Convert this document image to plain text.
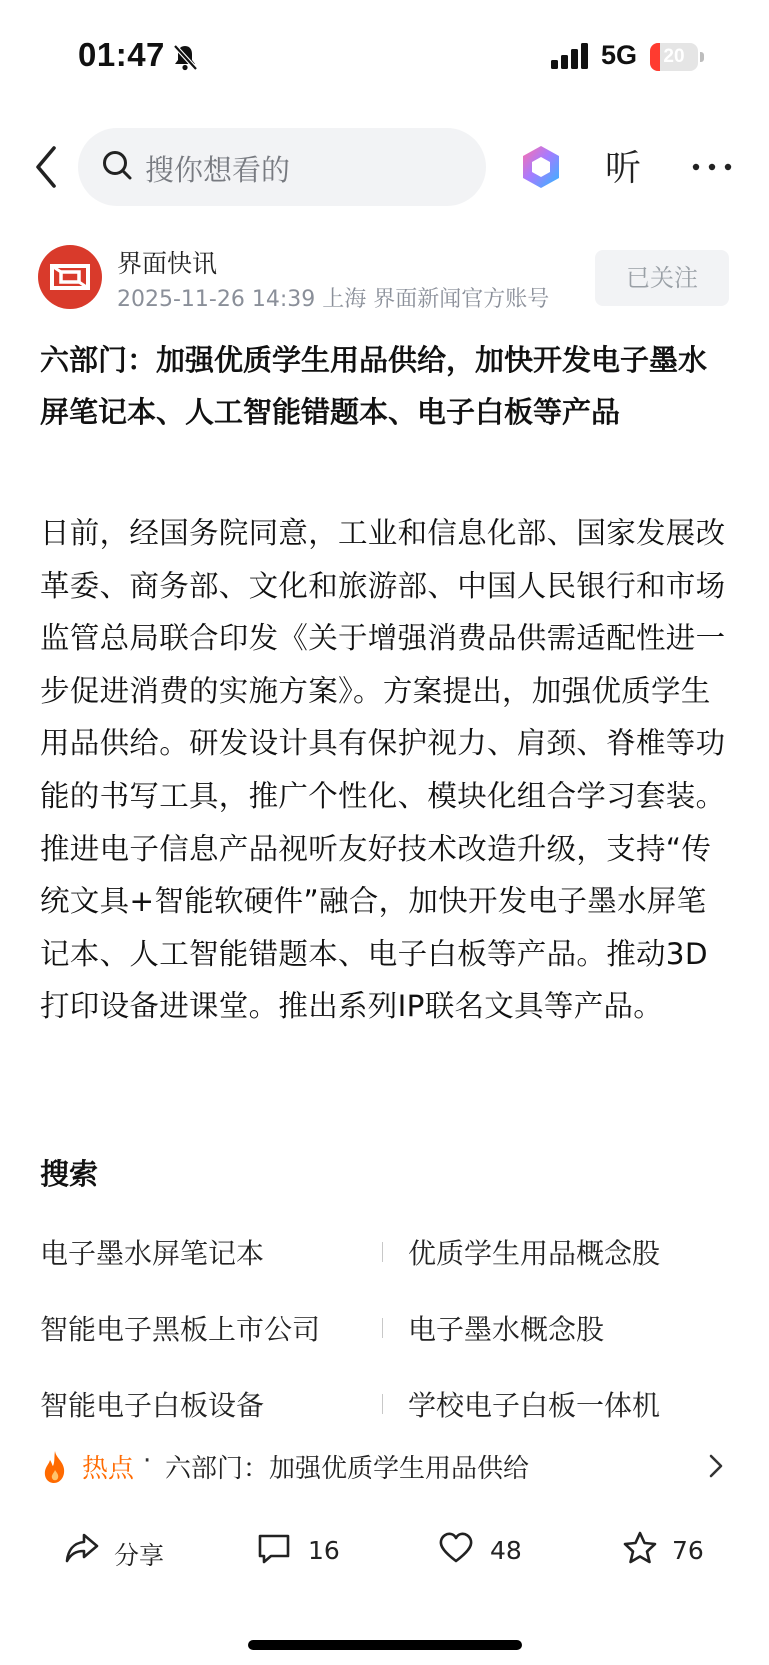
01:47	5G	20
搜你想看的	听
界面快讯
2025-11-26 14:39 上海 界面新闻官方账号
已关注
六部门：加强优质学生用品供给，加快开发电子墨水屏笔记本、人工智能错题本、电子白板等产品
日前，经国务院同意，工业和信息化部、国家发展改革委、商务部、文化和旅游部、中国人民银行和市场监管总局联合印发《关于增强消费品供需适配性进一步促进消费的实施方案》。方案提出，加强优质学生用品供给。研发设计具有保护视力、肩颈、脊椎等功能的书写工具，推广个性化、模块化组合学习套装。推进电子信息产品视听友好技术改造升级，支持“传统文具+智能软硬件”融合，加快开发电子墨水屏笔记本、人工智能错题本、电子白板等产品。推动3D打印设备进课堂。推出系列IP联名文具等产品。
搜索
电子墨水屏笔记本	优质学生用品概念股
智能电子黑板上市公司	电子墨水概念股
智能电子白板设备	学校电子白板一体机
热点 · 六部门：加强优质学生用品供给
分享	16	48	76
